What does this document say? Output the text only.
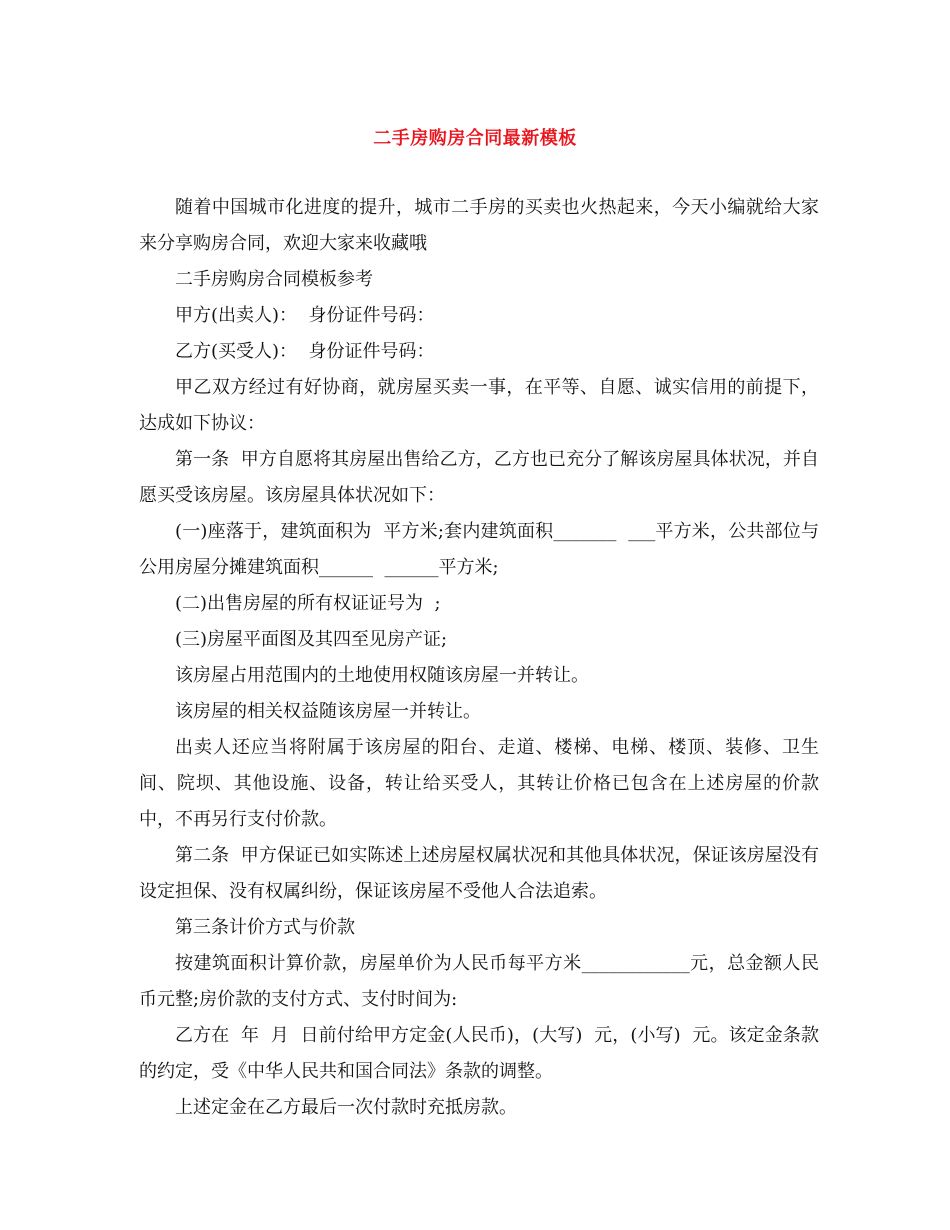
二手房购房合同最新模板

随着中国城市化进度的提升，城市二手房的买卖也火热起来，今天小编就给大家来分享购房合同，欢迎大家来收藏哦

二手房购房合同模板参考

甲方(出卖人)：  身份证件号码：

乙方(买受人)：  身份证件号码：

甲乙双方经过有好协商，就房屋买卖一事，在平等、自愿、诚实信用的前提下，达成如下协议：

第一条  甲方自愿将其房屋出售给乙方，乙方也已充分了解该房屋具体状况，并自愿买受该房屋。该房屋具体状况如下：

(一)座落于，建筑面积为  平方米;套内建筑面积_______  ___平方米，公共部位与公用房屋分摊建筑面积______  ______平方米;

(二)出售房屋的所有权证证号为  ;

(三)房屋平面图及其四至见房产证;

该房屋占用范围内的土地使用权随该房屋一并转让。

该房屋的相关权益随该房屋一并转让。

出卖人还应当将附属于该房屋的阳台、走道、楼梯、电梯、楼顶、装修、卫生间、院坝、其他设施、设备，转让给买受人，其转让价格已包含在上述房屋的价款中，不再另行支付价款。

第二条  甲方保证已如实陈述上述房屋权属状况和其他具体状况，保证该房屋没有设定担保、没有权属纠纷，保证该房屋不受他人合法追索。

第三条计价方式与价款

按建筑面积计算价款，房屋单价为人民币每平方米____________元，总金额人民币元整;房价款的支付方式、支付时间为:

乙方在  年  月  日前付给甲方定金(人民币)，(大写)  元，(小写)  元。该定金条款的约定，受《中华人民共和国合同法》条款的调整。

上述定金在乙方最后一次付款时充抵房款。
